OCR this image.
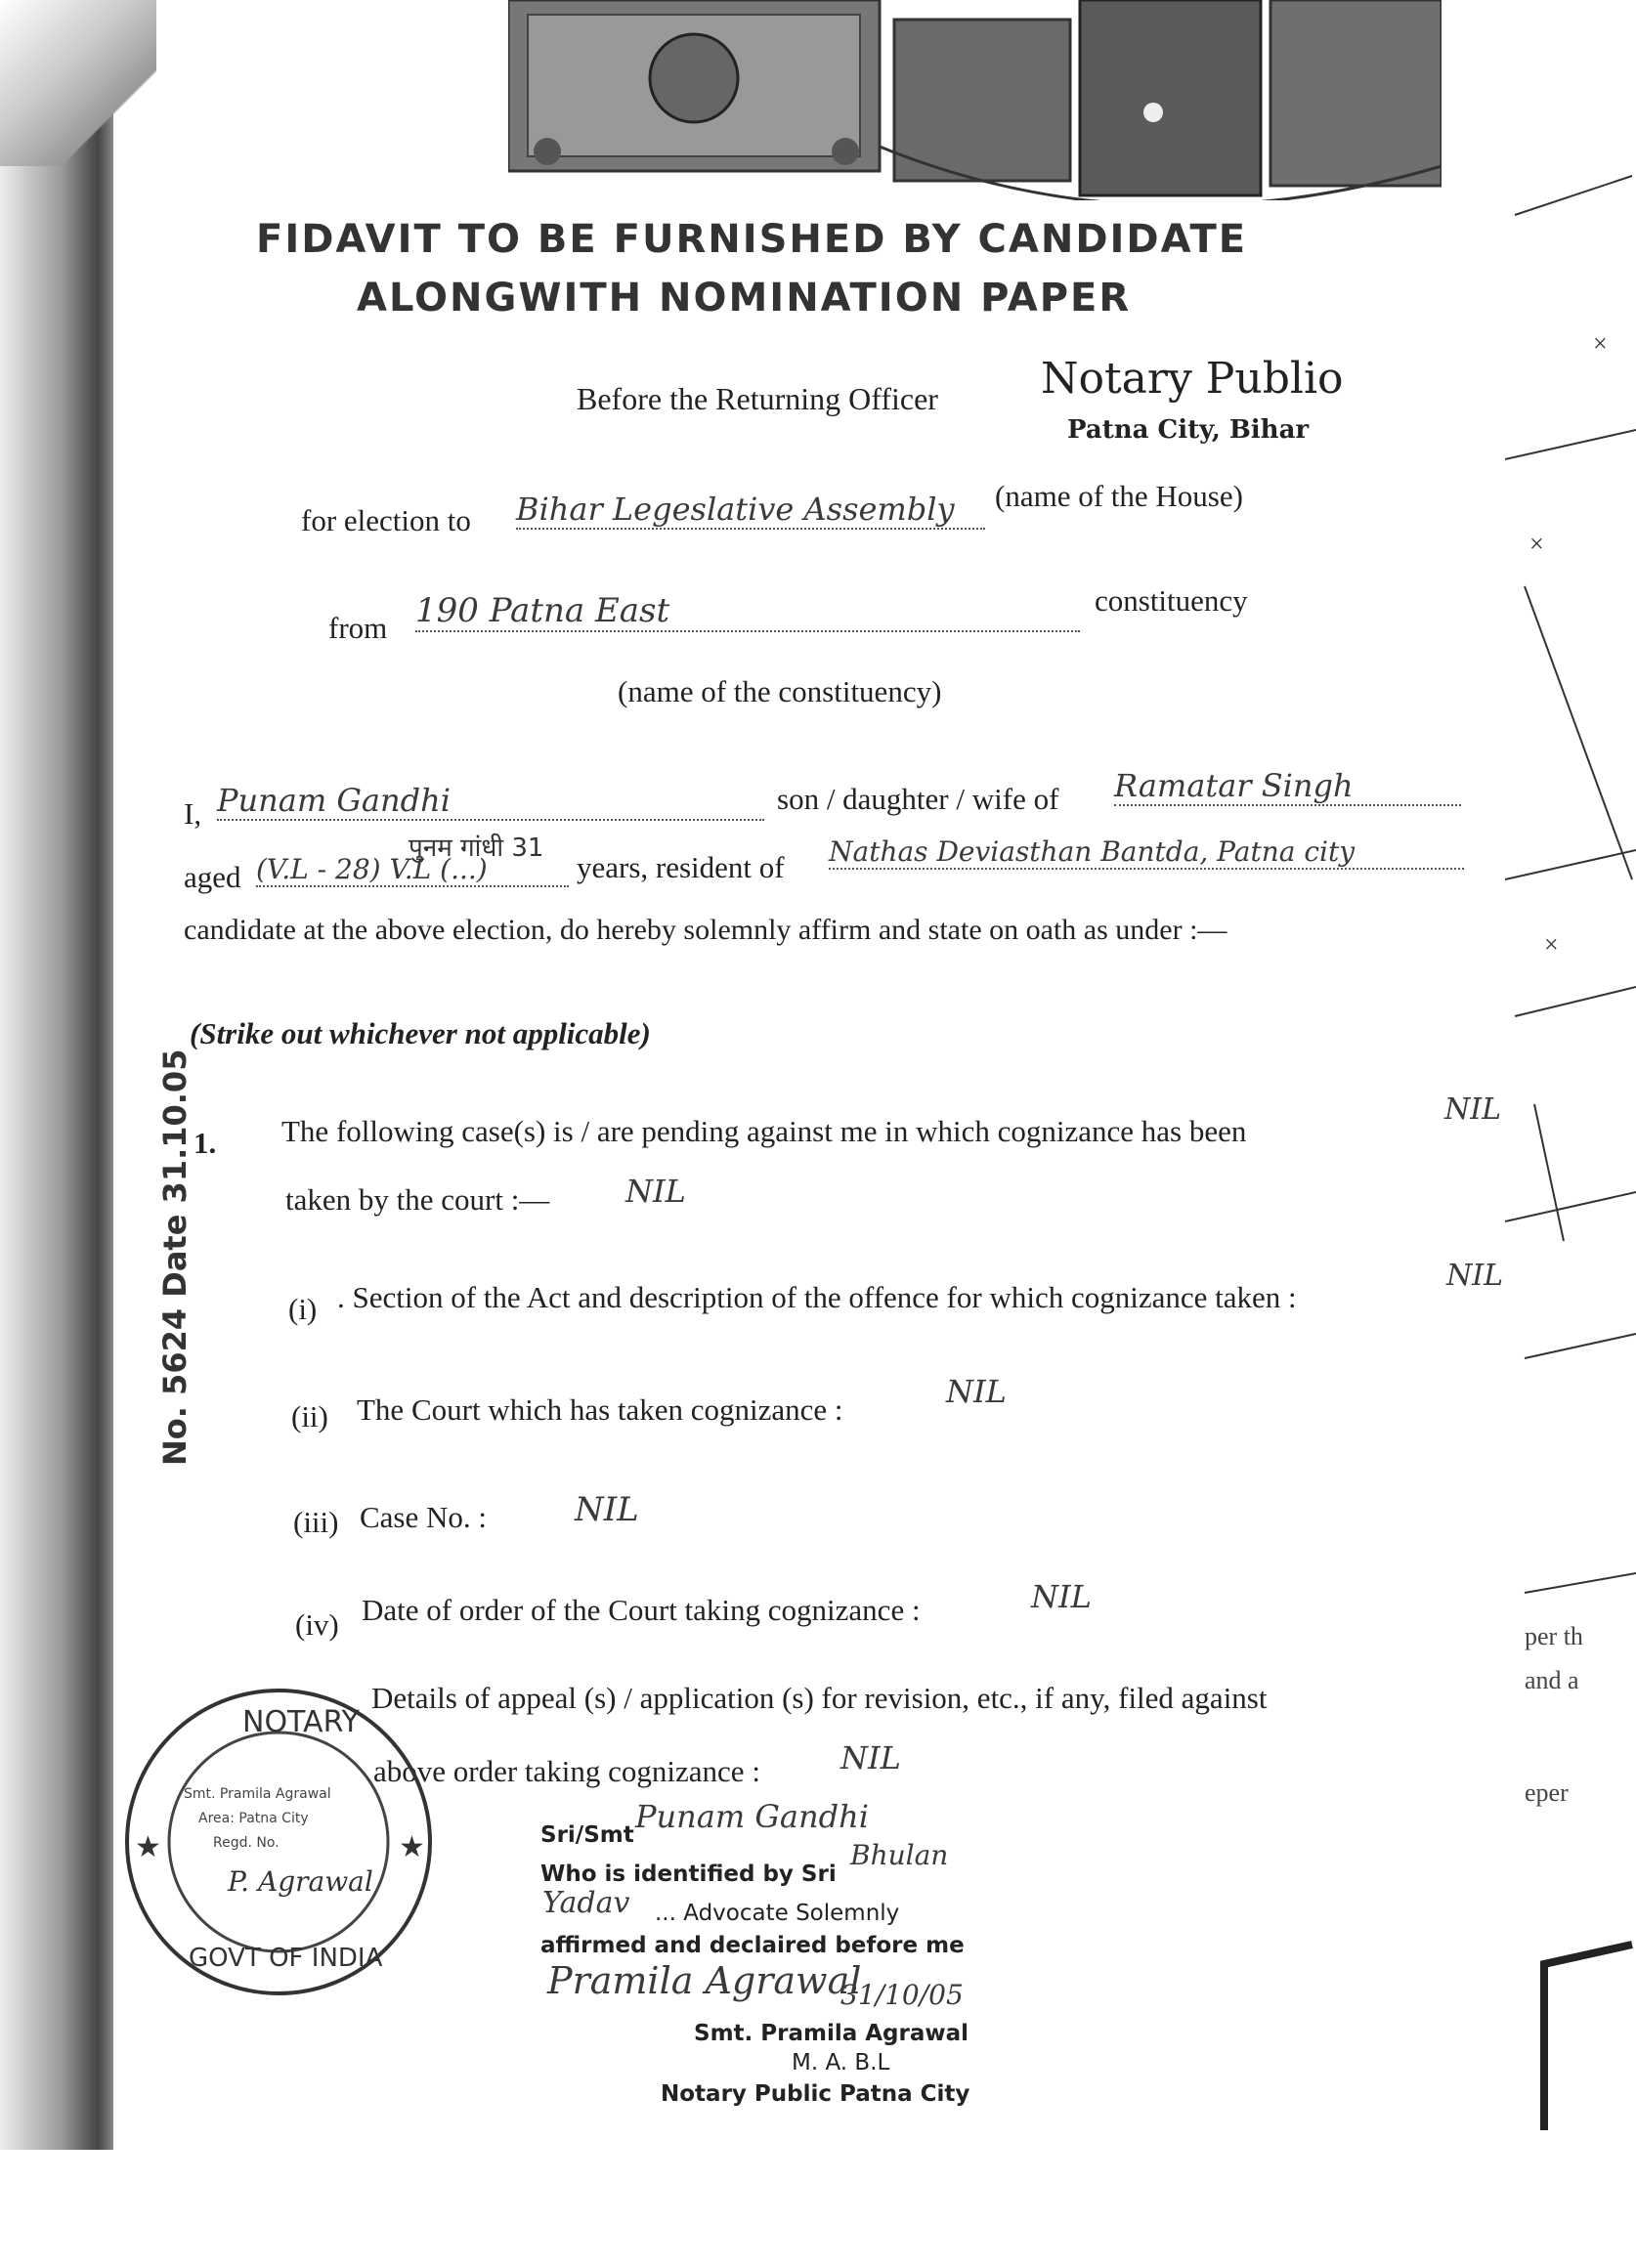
FIDAVIT TO BE FURNISHED BY CANDIDATE
ALONGWITH NOMINATION PAPER
Before the Returning Officer Notary Publio
Patna City, Bihar
for election to Bihar Legeslative Assembly	(name of the House)
from 190 Patna East	constituency
(name of the constituency)
I, Punam Gandhi	son / daughter / wife of Ramatar Singh
पुनम गांधी 31
aged (V.L - 28) V.L (...)	years, resident of Nathas Deviasthan Bantda, Patna city
candidate at the above election, do hereby solemnly affirm and state on oath as under :—
(Strike out whichever not applicable)
1. The following case(s) is / are pending against me in which cognizance has been
NIL
taken by the court :— NIL
(i) . Section of the Act and description of the offence for which cognizance taken :
NIL
(ii) The Court which has taken cognizance :	NIL
(iii) Case No. :	NIL
(iv) Date of order of the Court taking cognizance :	NIL
Details of appeal (s) / application (s) for revision, etc., if any, filed against
above order taking cognizance :	NIL
No. 5624 Date 31.10.05
NOTARY
GOVT OF INDIA
Smt. Pramila Agrawal
Area: Patna City
Regd. No.
P. Agrawal
★	★	Sri/Smt Punam Gandhi
Who is identified by Sri
Bhulan
Yadav ... Advocate Solemnly
affirmed and declaired before me
Pramila Agrawal
31/10/05
Smt. Pramila Agrawal
M. A. B.L
Notary Public Patna City
×
×
×
per th
and a
eper
